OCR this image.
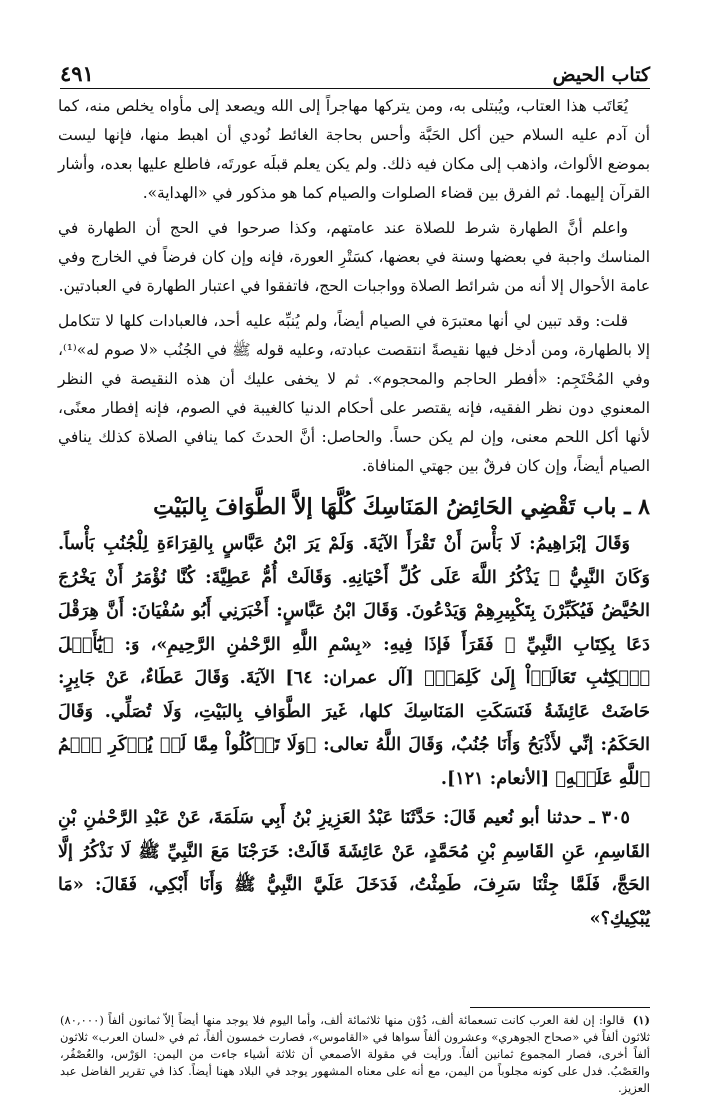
كتاب الحيض
٤٩١

يُعَاتَب هذا العتاب، ويُبتلى به، ومن يتركها مهاجراً إلى الله ويصعد إلى مأواه يخلص منه، كما أن آدم عليه السلام حين أكل الحَبَّة وأحس بحاجة الغائط نُودي أن اهبط منها، فإنها ليست بموضع الألواث، واذهب إلى مكان فيه ذلك. ولم يكن يعلم قبلَه عورتَه، فاطلع عليها بعده، وأشار القرآن إليهما. ثم الفرق بين قضاء الصلوات والصيام كما هو مذكور في «الهداية».

واعلم أنَّ الطهارة شرط للصلاة عند عامتهم، وكذا صرحوا في الحج أن الطهارة في المناسك واجبة في بعضها وسنة في بعضها، كسَتْرِ العورة، فإنه وإن كان فرضاً في الخارج وفي عامة الأحوال إلا أنه من شرائط الصلاة وواجبات الحج، فاتفقوا في اعتبار الطهارة في العبادتين.

قلت: وقد تبين لي أنها معتبرَة في الصيام أيضاً، ولم يُنبِّه عليه أحد، فالعبادات كلها لا تتكامل إلا بالطهارة، ومن أدخل فيها نقيصةً انتقصت عبادته، وعليه قوله ﷺ في الجُنُب «لا صوم له»⁽¹⁾، وفي المُحْتَجِم: «أفطر الحاجم والمحجوم». ثم لا يخفى عليك أن هذه النقيصة في النظر المعنوي دون نظر الفقيه، فإنه يقتصر على أحكام الدنيا كالغيبة في الصوم، فإنه إفطار معنًى، لأنها أكل اللحم معنى، وإن لم يكن حساً. والحاصل: أنَّ الحدثَ كما ينافي الصلاة كذلك ينافي الصيام أيضاً، وإن كان فرقٌ بين جهتي المنافاة.

٨ ـ باب تَقْضِي الحَائِضُ المَنَاسِكَ كُلَّهَا إلاَّ الطَّوَافَ بِالبَيْتِ

وَقَالَ إبْرَاهِيمُ: لَا بَأْسَ أَنْ تَقْرَأَ الآيَةَ. وَلَمْ يَرَ ابْنُ عَبَّاسٍ بِالقِرَاءَةِ لِلْجُنُبِ بَأْساً. وَكَانَ النَّبِيُّ ﷺ يَذْكُرُ اللَّهَ عَلَى كُلِّ أَحْيَانِهِ. وَقَالَتْ أُمُّ عَطِيَّةَ: كُنَّا نُؤْمَرُ أَنْ يَخْرُجَ الحُيَّضُ فَيُكَبِّرْنَ بِتَكْبِيرِهِمْ وَيَدْعُونَ. وَقَالَ ابْنُ عَبَّاسٍ: أَخْبَرَنِي أَبُو سُفْيَانَ: أَنَّ هِرَقْلَ دَعَا بِكِتَابِ النَّبِيِّ ﷺ فَقَرَأَ فَإذَا فِيهِ: «بِسْمِ اللَّهِ الرَّحْمٰنِ الرَّحِيمِ»، وَ: ﴿يَٰٓأَهۡلَ ٱلۡكِتَٰبِ تَعَالَوۡاْ إِلَىٰ كَلِمَةٖ﴾ [آل عمران: ٦٤] الآيَةَ. وَقَالَ عَطَاءٌ، عَنْ جَابِرٍ: حَاضَتْ عَائِشَةُ فَنَسَكَتِ المَنَاسِكَ كلها، غَيرَ الطَّوَافِ بِالبَيْتِ، وَلَا تُصَلِّي. وَقَالَ الحَكَمُ: إنِّي لأَذْبَحُ وَأَنَا جُنُبٌ، وَقَالَ اللَّهُ تعالى: ﴿وَلَا تَأۡكُلُواْ مِمَّا لَمۡ يُذۡكَرِ ٱسۡمُ ٱللَّهِ عَلَيۡهِ﴾ [الأنعام: ١٢١].

٣٠٥ ـ حدثنا أبو نُعيم قَالَ: حَدَّثَنَا عَبْدُ العَزِيزِ بْنُ أَبِي سَلَمَةَ، عَنْ عَبْدِ الرَّحْمٰنِ بْنِ القَاسِمِ، عَنِ القَاسِمِ بْنِ مُحَمَّدٍ، عَنْ عَائِشَةَ قَالَتْ: خَرَجْنَا مَعَ النَّبِيِّ ﷺ لَا نَذْكُرُ إلَّا الحَجَّ، فَلَمَّا جِئْنَا سَرِفَ، طَمِثْتُ، فَدَخَلَ عَلَيَّ النَّبِيُّ ﷺ وَأَنَا أَبْكِي، فَقَالَ: «مَا يُبْكِيكِ؟»

(١)قالوا: إن لغة العرب كانت تسعمائة ألف، دُوْن منها ثلاثمائة ألف، وأما اليوم فلا يوجد منها أيضاً إلاّ ثمانون ألفاً (٨٠,٠٠٠) ثلاثون ألفاً في «صحاح الجوهري» وعشرون ألفاً سواها في «القاموس»، فصارت خمسون ألفاً، ثم في «لسان العرب» ثلاثون ألفاً أخرى، فصار المجموع ثمانين ألفاً. ورأيت في مقولة الأصمعي أن ثلاثة أشياء جاءت من اليمن: الوَرْس، والعُصْفُر، والعَصْبُ. فدل على كونه مجلوباً من اليمن، مع أنه على معناه المشهور يوجد في البلاد ههنا أيضاً. كذا في تقرير الفاضل عبد العزيز.
